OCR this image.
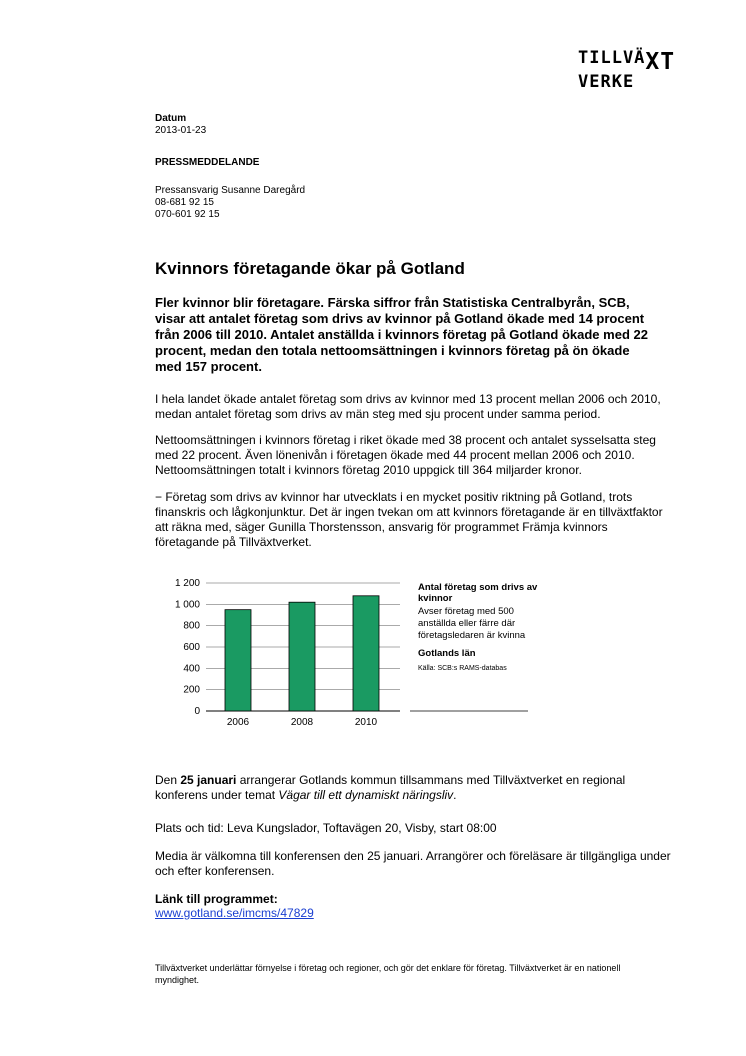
TILLVÄXT
VERKE
Datum
2013-01-23
PRESSMEDDELANDE
Pressansvarig Susanne Daregård
08-681 92 15
070-601 92 15
Kvinnors företagande ökar på Gotland
Fler kvinnor blir företagare. Färska siffror från Statistiska Centralbyrån, SCB, visar att antalet företag som drivs av kvinnor på Gotland ökade med 14 procent från 2006 till 2010. Antalet anställda i kvinnors företag på Gotland ökade med 22 procent, medan den totala nettoomsättningen i kvinnors företag på ön ökade med 157 procent.
I hela landet ökade antalet företag som drivs av kvinnor med 13 procent mellan 2006 och 2010, medan antalet företag som drivs av män steg med sju procent under samma period.
Nettoomsättningen i kvinnors företag i riket ökade med 38 procent och antalet sysselsatta steg med 22 procent. Även lönenivån i företagen ökade med 44 procent mellan 2006 och 2010. Nettoomsättningen totalt i kvinnors företag 2010 uppgick till 364 miljarder kronor.
− Företag som drivs av kvinnor har utvecklats i en mycket positiv riktning på Gotland, trots finanskris och lågkonjunktur. Det är ingen tvekan om att kvinnors företagande är en tillväxtfaktor att räkna med, säger Gunilla Thorstensson, ansvarig för programmet Främja kvinnors företagande på Tillväxtverket.
0
200
400
600
800
1 000
1 200
2006	2008	2010
Antal företag som drivs av kvinnor
Avser företag med 500 anställda eller färre där företagsledaren är kvinna
Gotlands län
Källa: SCB:s RAMS-databas
Den 25 januari arrangerar Gotlands kommun tillsammans med Tillväxtverket en regional konferens under temat Vägar till ett dynamiskt näringsliv.
Plats och tid: Leva Kungslador, Toftavägen 20, Visby, start 08:00
Media är välkomna till konferensen den 25 januari. Arrangörer och föreläsare är tillgängliga under och efter konferensen.
Länk till programmet:
www.gotland.se/imcms/47829
Tillväxtverket underlättar förnyelse i företag och regioner, och gör det enklare för företag. Tillväxtverket är en nationell myndighet.
